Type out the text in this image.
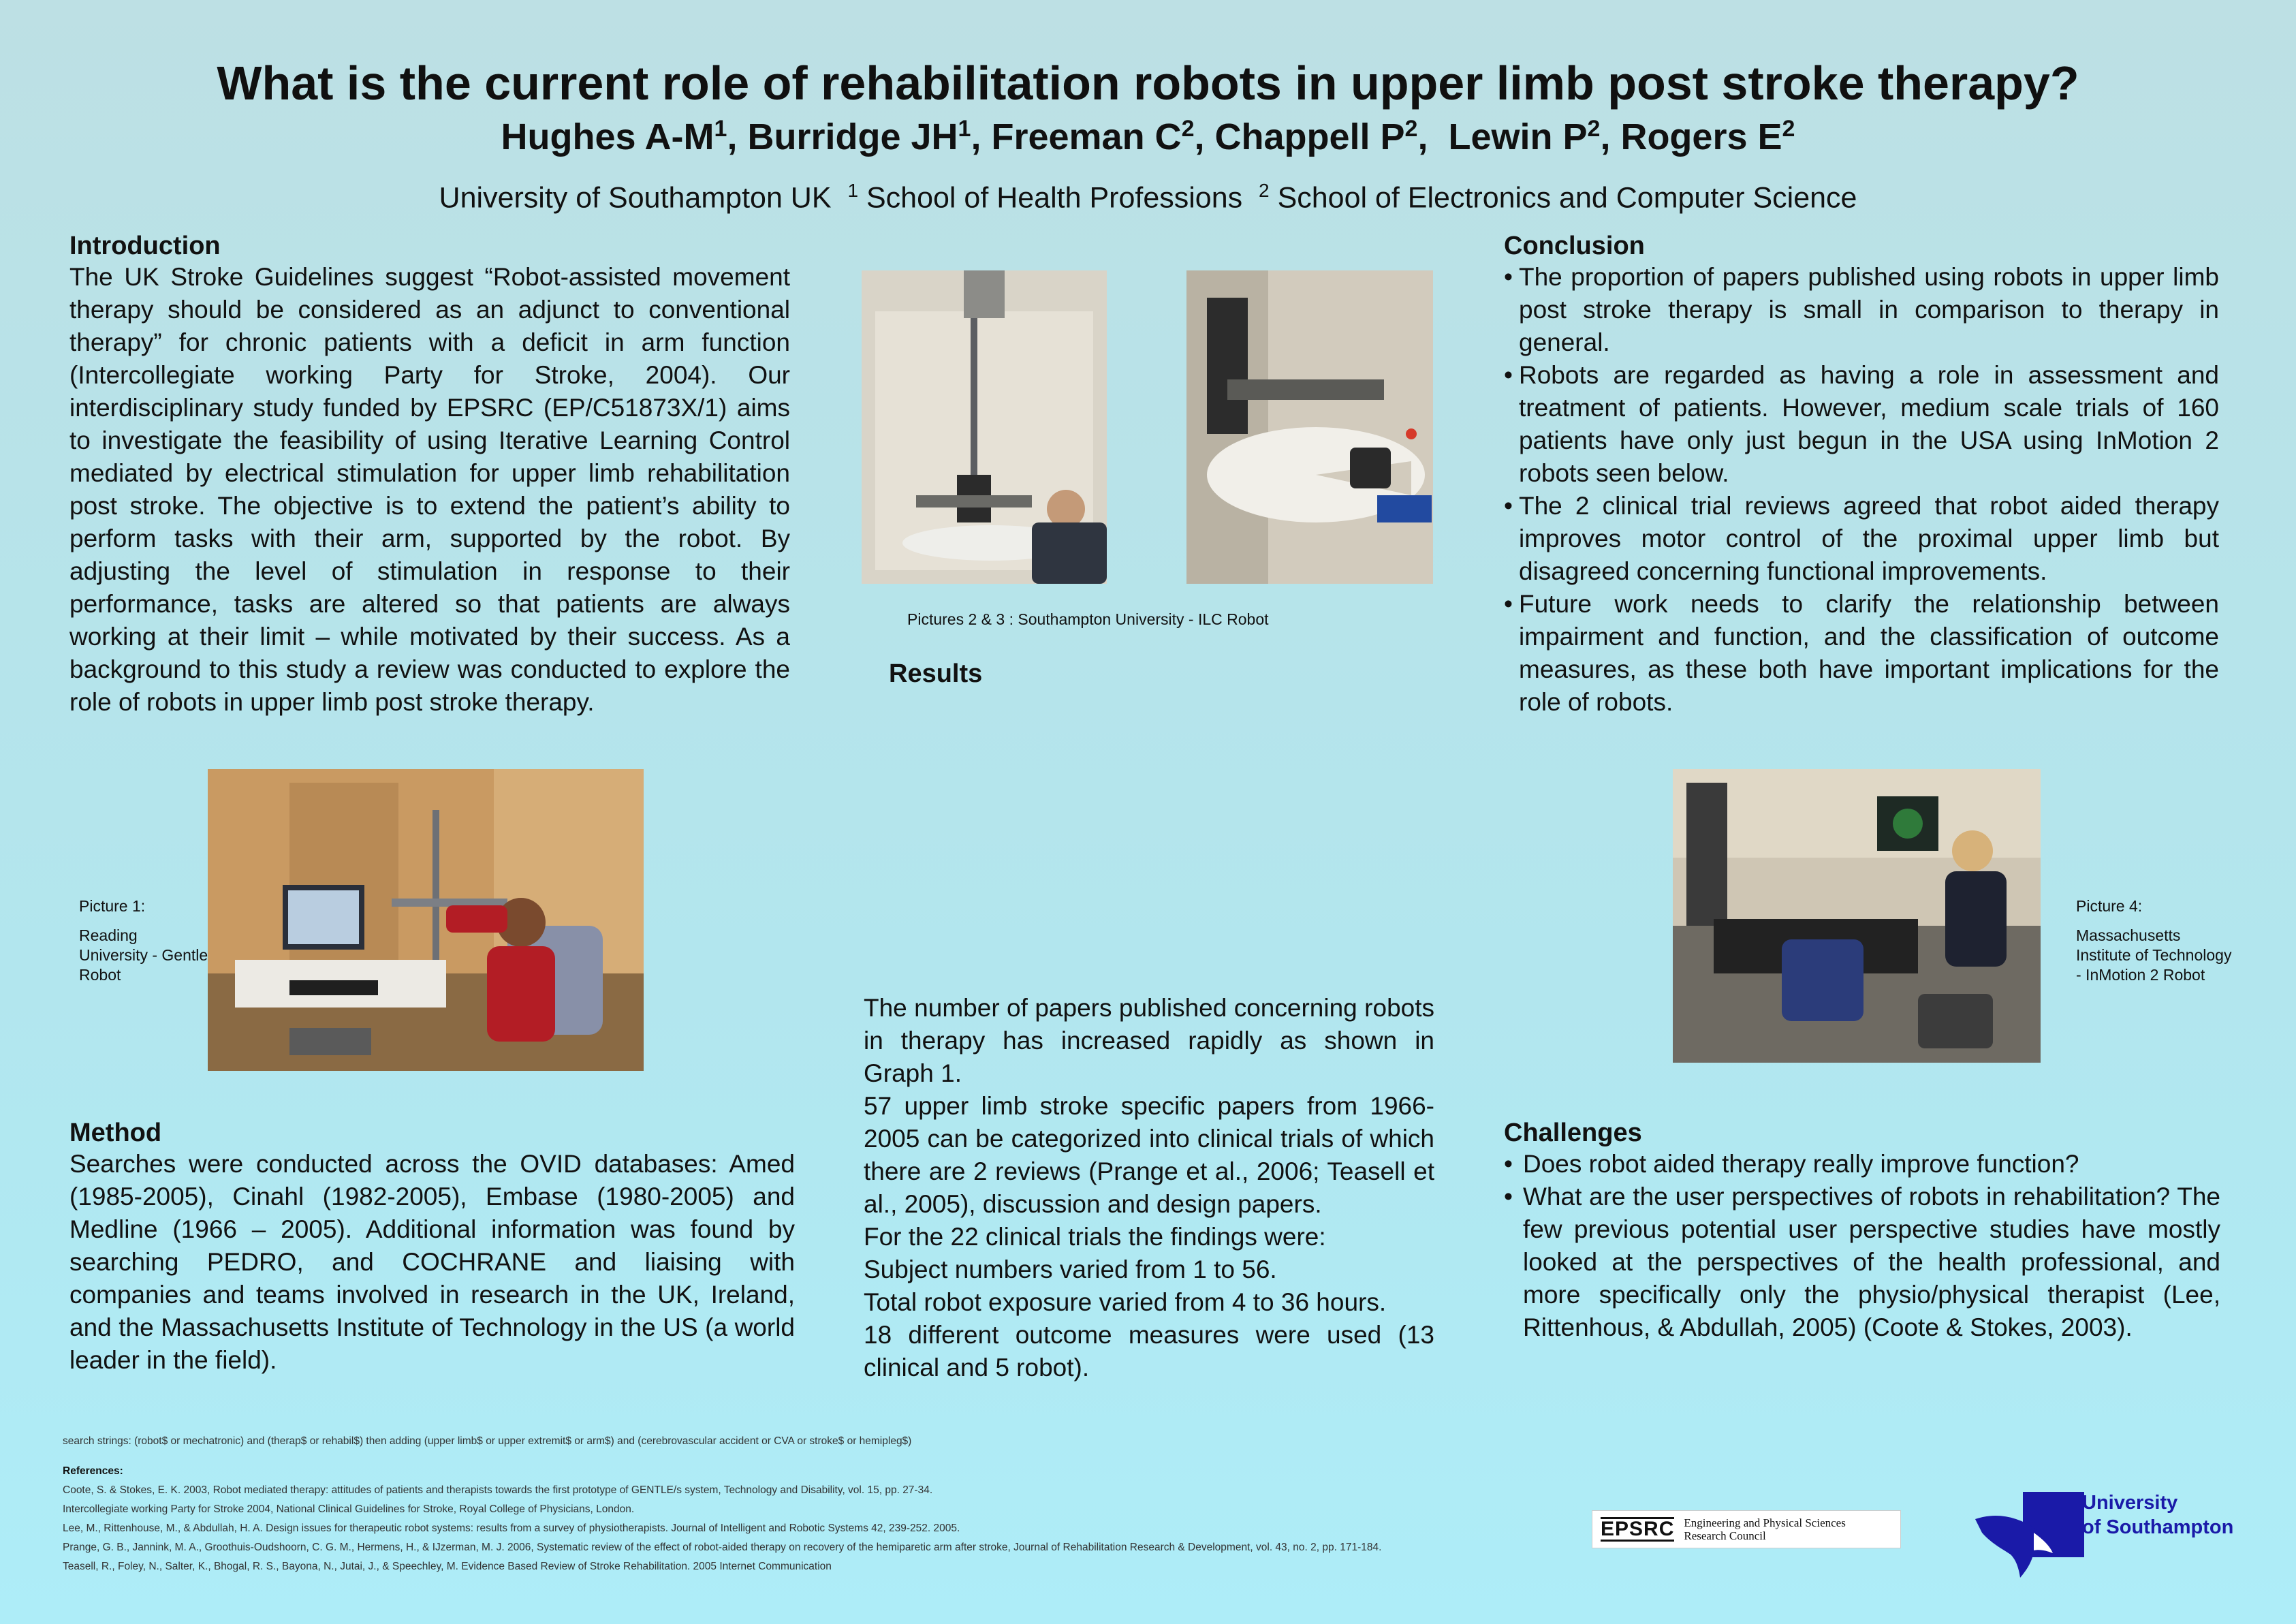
What is the current role of rehabilitation robots in upper limb post stroke therapy?
Hughes $A-M^1$, Burridge $JH^1$, Freeman $C^2$, Chappell $P^2$,  Lewin $P^2$, Rogers $E^2$
University of Southampton UK $^1$ School of Health Professions $^2$ School of Electronics and Computer Science
Introduction
The UK Stroke Guidelines suggest “Robot-assisted movement therapy should be considered as an adjunct to conventional therapy” for chronic patients with a deficit in arm function (Intercollegiate working Party for Stroke, 2004). Our interdisciplinary study funded by EPSRC (EP/C51873X/1) aims to investigate the feasibility of using Iterative Learning Control mediated by electrical stimulation for upper limb rehabilitation post stroke. The objective is to extend the patient’s ability to perform tasks with their arm, supported by the robot. By adjusting the level of stimulation in response to their performance, tasks are altered so that patients are always working at their limit – while motivated by their success. As a background to this study a review was conducted to explore the role of robots in upper limb post stroke therapy.
Picture 1:
Reading University - Gentle Robot
Method
Searches were conducted across the OVID databases: Amed (1985-2005), Cinahl (1982-2005), Embase (1980-2005) and Medline (1966 – 2005). Additional information was found by searching PEDRO, and COCHRANE and liaising with companies and teams involved in research in the UK, Ireland, and the Massachusetts Institute of Technology in the US (a world leader in the field).
Pictures 2 & 3 : Southampton University - ILC Robot
Results

The number of papers published concerning robots in therapy has increased rapidly as shown in Graph 1.

57 upper limb stroke specific papers from 1966-2005 can be categorized into clinical trials of which there are 2 reviews (Prange et al., 2006; Teasell et al., 2005), discussion and design papers.

For the 22 clinical trials the findings were:

Subject numbers varied from 1 to 56.

Total robot exposure varied from 4 to 36 hours.

18 different outcome measures were used (13 clinical and 5 robot).

Conclusion
• The proportion of papers published using robots in upper limb post stroke therapy is small in comparison to therapy in general.
• Robots are regarded as having a role in assessment and treatment of patients. However, medium scale trials of 160 patients have only just begun in the USA using InMotion 2 robots seen below.
• The 2 clinical trial reviews agreed that robot aided therapy improves motor control of the proximal upper limb but disagreed concerning functional improvements.
• Future work needs to clarify the relationship between impairment and function, and the classification of outcome measures, as these both have important implications for the role of robots.
Picture 4:
Massachusetts Institute of Technology - InMotion 2 Robot
Challenges
• Does robot aided therapy really improve function?
• What are the user perspectives of robots in rehabilitation? The few previous potential user perspective studies have mostly looked at the perspectives of the health professional, and more specifically only the physio/physical therapist (Lee, Rittenhous, & Abdullah, 2005) (Coote & Stokes, 2003).
search strings: (robot$ or mechatronic) and (therap$ or rehabil$) then adding (upper limb$ or upper extremit$ or arm$) and (cerebrovascular accident or CVA or stroke$ or hemipleg$)
References:
Coote, S. & Stokes, E. K. 2003, Robot mediated therapy: attitudes of patients and therapists towards the first prototype of GENTLE/s system, Technology and Disability, vol. 15, pp. 27-34.
Intercollegiate working Party for Stroke 2004, National Clinical Guidelines for Stroke, Royal College of Physicians, London.
Lee, M., Rittenhouse, M., & Abdullah, H. A. Design issues for therapeutic robot systems: results from a survey of physiotherapists. Journal of Intelligent and Robotic Systems 42, 239-252. 2005.
Prange, G. B., Jannink, M. A., Groothuis-Oudshoorn, C. G. M., Hermens, H., & IJzerman, M. J. 2006, Systematic review of the effect of robot-aided therapy on recovery of the hemiparetic arm after stroke, Journal of Rehabilitation Research & Development, vol. 43, no. 2, pp. 171-184.
Teasell, R., Foley, N., Salter, K., Bhogal, R. S., Bayona, N., Jutai, J., & Speechley, M. Evidence Based Review of Stroke Rehabilitation. 2005 Internet Communication
EPSRC Engineering and Physical Sciences
Research Council
University
of Southampton
